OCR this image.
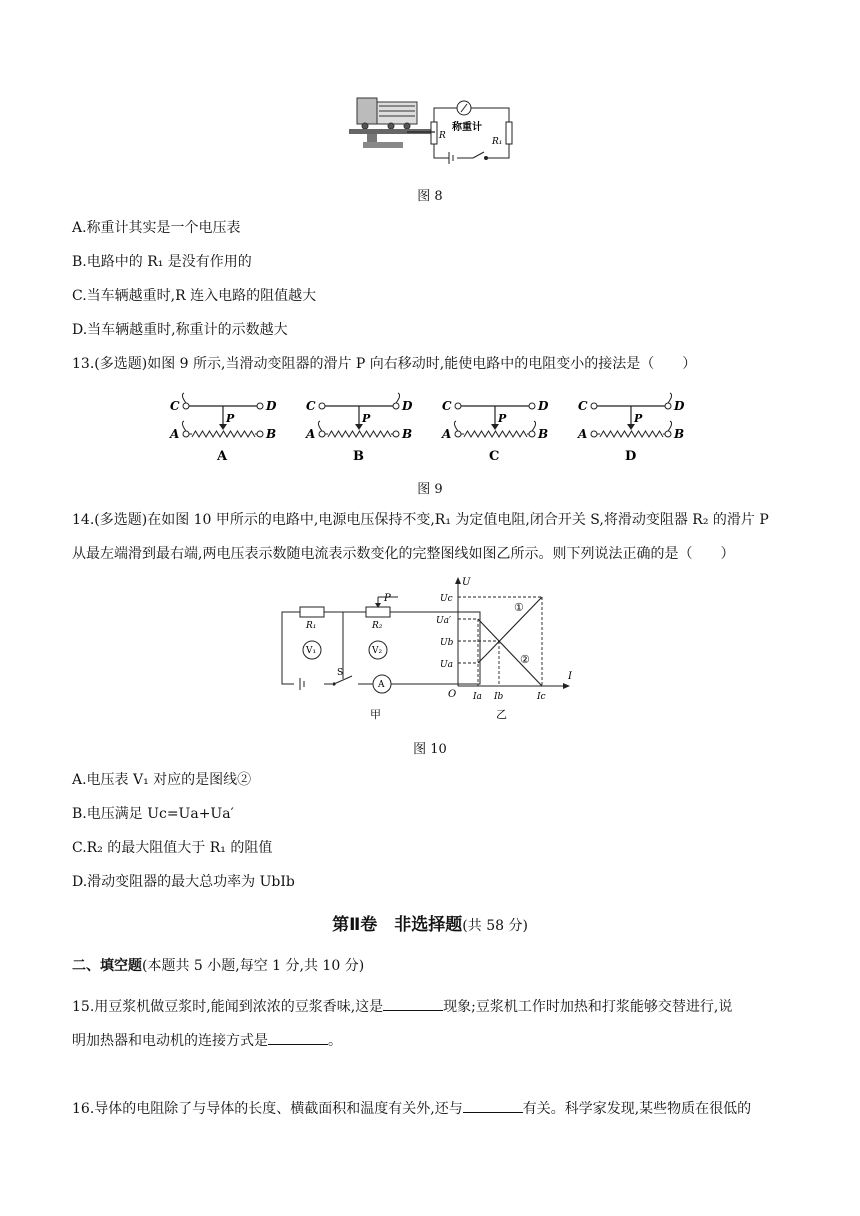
称重计
R
R₁
图 8
A.称重计其实是一个电压表
B.电路中的 R₁ 是没有作用的
C.当车辆越重时,R 连入电路的阻值越大
D.当车辆越重时,称重计的示数越大
13.(多选题)如图 9 所示,当滑动变阻器的滑片 P 向右移动时,能使电路中的电阻变小的接法是（　　）
C	D
A	B
P
A
C	D
A	B
P
B
C	D
A	B
P
C
C	D
A	B
P
D
图 9
14.(多选题)在如图 10 甲所示的电路中,电源电压保持不变,R₁ 为定值电阻,闭合开关 S,将滑动变阻器 R₂ 的滑片 P
从最左端滑到最右端,两电压表示数随电流表示数变化的完整图线如图乙所示。则下列说法正确的是（　　）
R₁	R₂
P
V₁	V₂
S
A
甲
U
I
O
Uc
Ua′
Ub
Ua
Ia Ib	Ic
①
②
乙
图 10
A.电压表 V₁ 对应的是图线②
B.电压满足 Uc=Ua+Ua′
C.R₂ 的最大阻值大于 R₁ 的阻值
D.滑动变阻器的最大总功率为 UbIb
第Ⅱ卷　非选择题(共 58 分)
二、填空题(本题共 5 小题,每空 1 分,共 10 分)
15.用豆浆机做豆浆时,能闻到浓浓的豆浆香味,这是	现象;豆浆机工作时加热和打浆能够交替进行,说
明加热器和电动机的连接方式是	。
16.导体的电阻除了与导体的长度、横截面积和温度有关外,还与	有关。科学家发现,某些物质在很低的
